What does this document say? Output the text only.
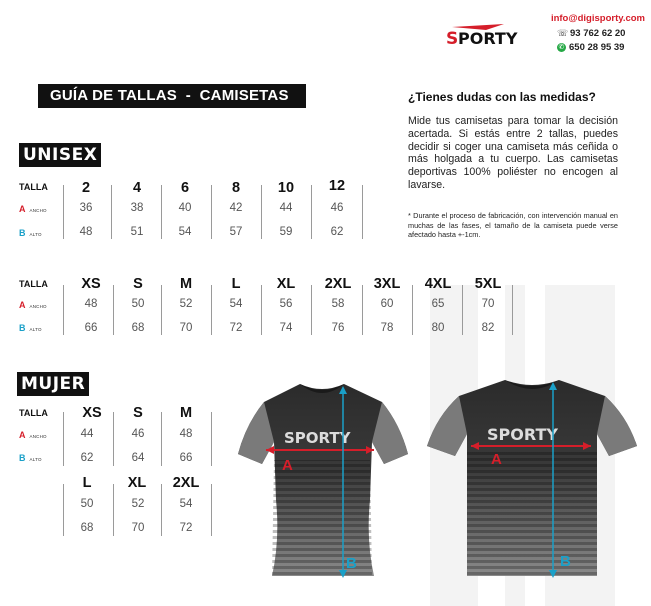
S PORTY
info@digisporty.com
☏ 93 762 62 20
✆ 650 28 95 39
GUÍA DE TALLAS  -  CAMISETAS
UNISEX
TALLA
AANCHO
BALTO
2	4	6	8	10	12
36	38	40	42	44	46
48	51	54	57	59	62
TALLA
AANCHO
BALTO
XS	S	M	L	XL	2XL	3XL	4XL	5XL
48	50	52	54	56	58	60	65	70
66	68	70	72	74	76	78	80	82
MUJER
TALLA
AANCHO
BALTO
XS	S	M
44	46	48
62	64	66
L	XL	2XL
50	52	54
68	70	72
¿Tienes dudas con las medidas?
Mide tus camisetas para tomar la decisión acertada. Si estás entre 2 tallas, puedes decidir si coger una camiseta más ceñida o más holgada a tu cuerpo. Las camisetas deportivas 100% poliéster no encogen al lavarse.
* Durante el proceso de fabricación, con intervención manual en muchas de las fases, el tamaño de la camiseta puede verse afectado hasta +-1cm.
SPORTY
A
B
SPORTY
A
B
